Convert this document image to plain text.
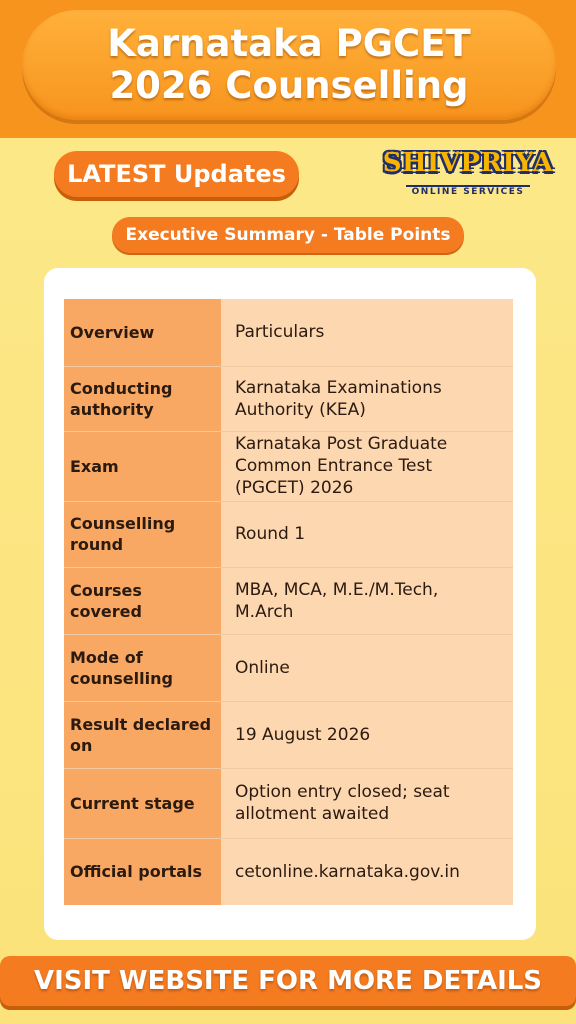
Karnataka PGCET
2026 Counselling
LATEST Updates	SHIVPRIYA
ONLINE SERVICES
Executive Summary - Table Points
Overview	Particulars
Conducting authority	Karnataka Examinations Authority (KEA)
Exam	Karnataka Post Graduate Common Entrance Test (PGCET) 2026
Counselling round	Round 1
Courses covered	MBA, MCA, M.E./M.Tech, M.Arch
Mode of counselling	Online
Result declared on	19 August 2026
Current stage	Option entry closed; seat allotment awaited
Official portals	cetonline.karnataka.gov.in
VISIT WEBSITE FOR MORE DETAILS
